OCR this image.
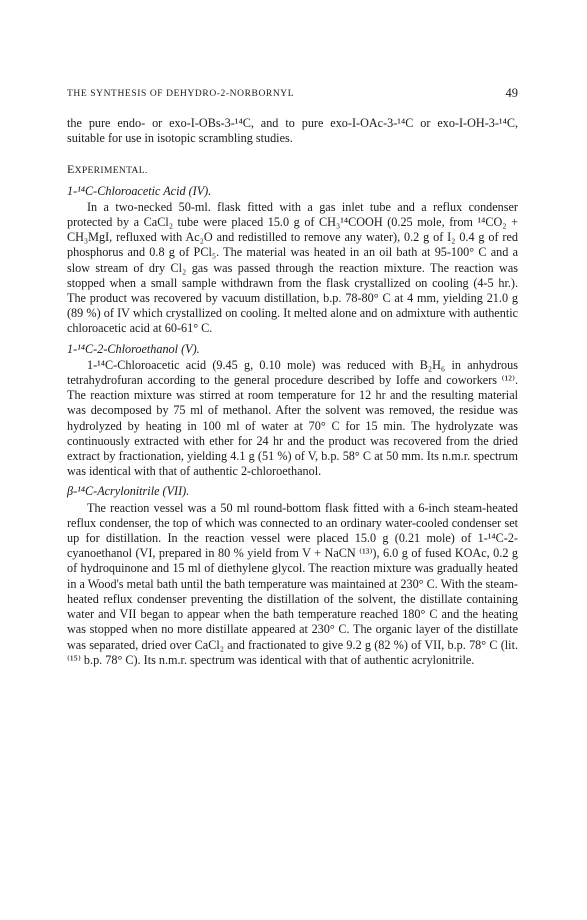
THE SYNTHESIS OF DEHYDRO-2-NORBORNYL	49

the pure endo- or exo-I-OBs-3-¹⁴C, and to pure exo-I-OAc-3-¹⁴C or exo-I-OH-3-¹⁴C, suitable for use in isotopic scrambling studies.

EXPERIMENTAL.

1-¹⁴C-Chloroacetic Acid (IV).

In a two-necked 50-ml. flask fitted with a gas inlet tube and a reflux condenser protected by a CaCl₂ tube were placed 15.0 g of CH₃¹⁴COOH (0.25 mole, from ¹⁴CO₂ + CH₃MgI, refluxed with Ac₂O and redistilled to remove any water), 0.2 g of I₂ 0.4 g of red phosphorus and 0.8 g of PCl₅. The material was heated in an oil bath at 95-100° C and a slow stream of dry Cl₂ gas was passed through the reaction mixture. The reaction was stopped when a small sample withdrawn from the flask crystallized on cooling (4-5 hr.). The product was recovered by vacuum distillation, b.p. 78-80° C at 4 mm, yielding 21.0 g (89 %) of IV which crystallized on cooling. It melted alone and on admixture with authentic chloroacetic acid at 60-61° C.

1-¹⁴C-2-Chloroethanol (V).

1-¹⁴C-Chloroacetic acid (9.45 g, 0.10 mole) was reduced with B₂H₆ in anhydrous tetrahydrofuran according to the general procedure described by Ioffe and coworkers ⁽¹²⁾. The reaction mixture was stirred at room temperature for 12 hr and the resulting material was decomposed by 75 ml of methanol. After the solvent was removed, the residue was hydrolyzed by heating in 100 ml of water at 70° C for 15 min. The hydrolyzate was continuously extracted with ether for 24 hr and the product was recovered from the dried extract by fractionation, yielding 4.1 g (51 %) of V, b.p. 58° C at 50 mm. Its n.m.r. spectrum was identical with that of authentic 2-chloroethanol.

β-¹⁴C-Acrylonitrile (VII).

The reaction vessel was a 50 ml round-bottom flask fitted with a 6-inch steam-heated reflux condenser, the top of which was connected to an ordinary water-cooled condenser set up for distillation. In the reaction vessel were placed 15.0 g (0.21 mole) of 1-¹⁴C-2-cyanoethanol (VI, prepared in 80 % yield from V + NaCN ⁽¹³⁾), 6.0 g of fused KOAc, 0.2 g of hydroquinone and 15 ml of diethylene glycol. The reaction mixture was gradually heated in a Wood's metal bath until the bath temperature was maintained at 230° C. With the steam-heated reflux condenser preventing the distillation of the solvent, the distillate containing water and VII began to appear when the bath temperature reached 180° C and the heating was stopped when no more distillate appeared at 230° C. The organic layer of the distillate was separated, dried over CaCl₂ and fractionated to give 9.2 g (82 %) of VII, b.p. 78° C (lit. ⁽¹⁵⁾ b.p. 78° C). Its n.m.r. spectrum was identical with that of authentic acrylonitrile.
